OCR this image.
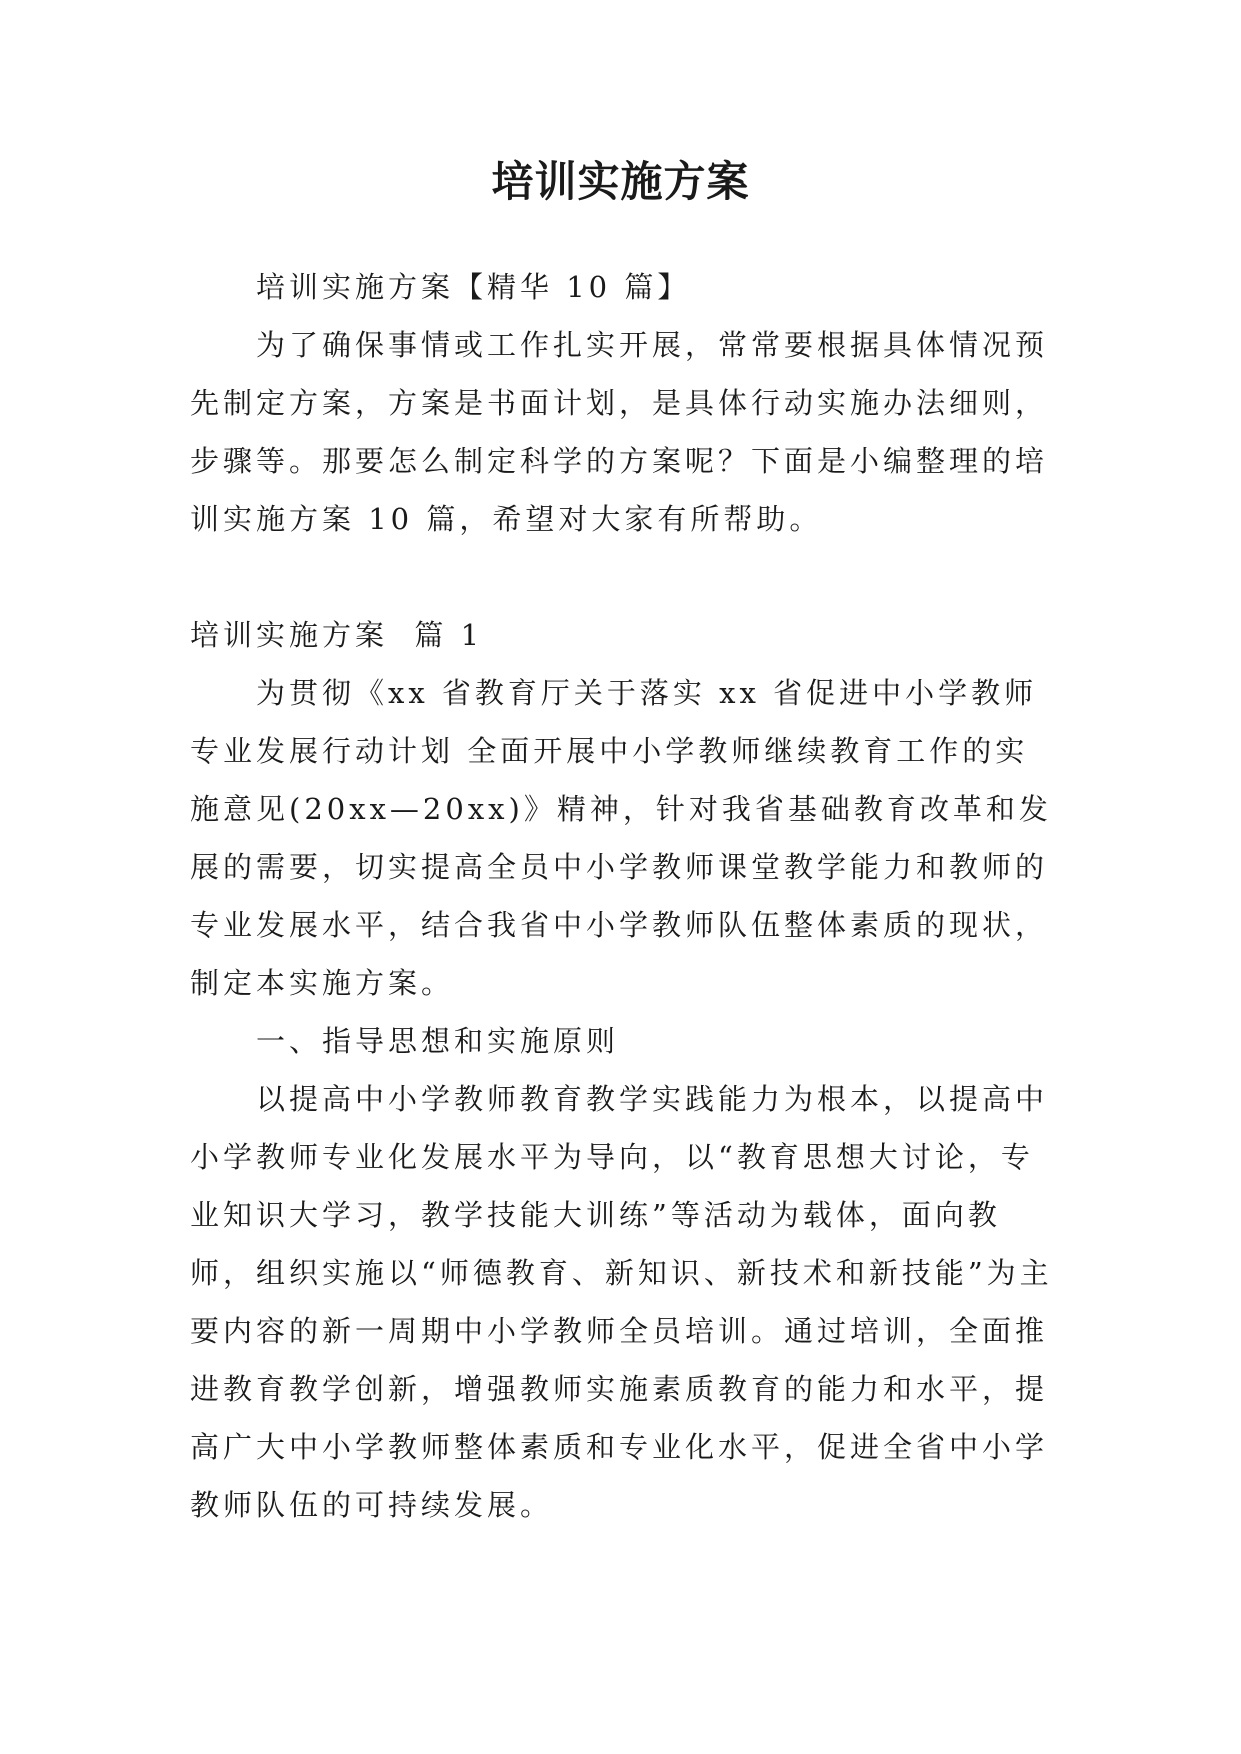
培训实施方案

培训实施方案【精华 10 篇】

为了确保事情或工作扎实开展，常常要根据具体情况预先制定方案，方案是书面计划，是具体行动实施办法细则，步骤等。那要怎么制定科学的方案呢？下面是小编整理的培训实施方案 10 篇，希望对大家有所帮助。

培训实施方案  篇 1

为贯彻《xx 省教育厅关于落实 xx 省促进中小学教师专业发展行动计划 全面开展中小学教师继续教育工作的实施意见(20xx—20xx)》精神，针对我省基础教育改革和发展的需要，切实提高全员中小学教师课堂教学能力和教师的专业发展水平，结合我省中小学教师队伍整体素质的现状，制定本实施方案。

一、指导思想和实施原则

以提高中小学教师教育教学实践能力为根本，以提高中小学教师专业化发展水平为导向，以“教育思想大讨论，专业知识大学习，教学技能大训练”等活动为载体，面向教师，组织实施以“师德教育、新知识、新技术和新技能”为主要内容的新一周期中小学教师全员培训。通过培训，全面推进教育教学创新，增强教师实施素质教育的能力和水平，提高广大中小学教师整体素质和专业化水平，促进全省中小学教师队伍的可持续发展。
